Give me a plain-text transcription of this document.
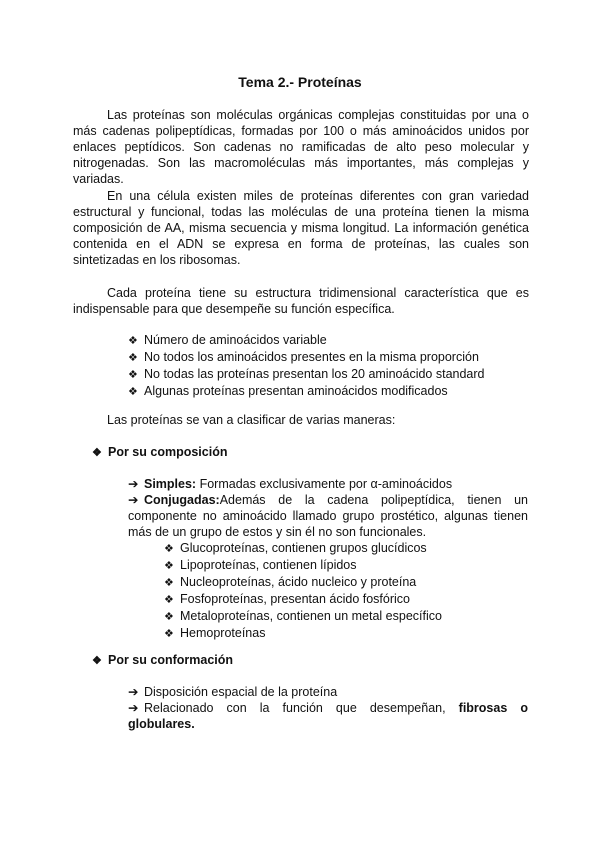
Tema 2.- Proteínas
Las proteínas son moléculas orgánicas complejas constituidas por una o más cadenas polipeptídicas, formadas por 100 o más aminoácidos unidos por enlaces peptídicos. Son cadenas no ramificadas de alto peso molecular y nitrogenadas. Son las macromoléculas más importantes, más complejas y variadas.
En una célula existen miles de proteínas diferentes con gran variedad estructural y funcional, todas las moléculas de una proteína tienen la misma composición de AA, misma secuencia y misma longitud. La información genética contenida en el ADN se expresa en forma de proteínas, las cuales son sintetizadas en los ribosomas.
Cada proteína tiene su estructura tridimensional característica que es indispensable para que desempeñe su función específica.
❖ Número de aminoácidos variable
❖ No todos los aminoácidos presentes en la misma proporción
❖ No todas las proteínas presentan los 20 aminoácido standard
❖ Algunas proteínas presentan aminoácidos modificados
Las proteínas se van a clasificar de varias maneras:
❖ Por su composición
➔ Simples: Formadas exclusivamente por α-aminoácidos
➔ Conjugadas:Además de la cadena polipeptídica, tienen un componente no aminoácido llamado grupo prostético, algunas tienen más de un grupo de estos y sin él no son funcionales.
❖ Glucoproteínas, contienen grupos glucídicos
❖ Lipoproteínas, contienen lípidos
❖ Nucleoproteínas, ácido nucleico y proteína
❖ Fosfoproteínas, presentan ácido fosfórico
❖ Metaloproteínas, contienen un metal específico
❖ Hemoproteínas
❖ Por su conformación
➔ Disposición espacial de la proteína
➔ Relacionado con la función que desempeñan, fibrosas o globulares.
